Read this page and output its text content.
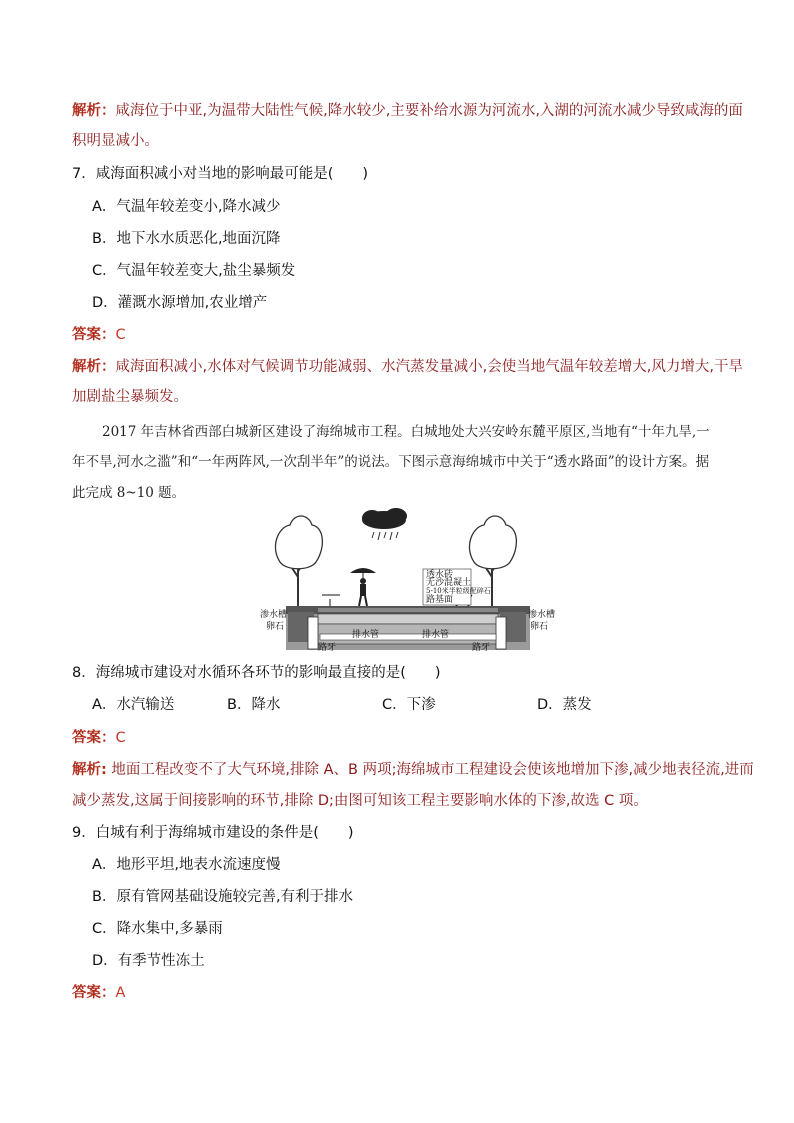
解析：咸海位于中亚,为温带大陆性气候,降水较少,主要补给水源为河流水,入湖的河流水减少导致咸海的面
积明显减小。
7．咸海面积减小对当地的影响最可能是(　　)
A．气温年较差变小,降水减少
B．地下水水质恶化,地面沉降
C．气温年较差变大,盐尘暴频发
D．灌溉水源增加,农业增产
答案：C
解析：咸海面积减小,水体对气候调节功能减弱、水汽蒸发量减小,会使当地气温年较差增大,风力增大,干旱
加剧盐尘暴频发。
2017 年吉林省西部白城新区建设了海绵城市工程。白城地处大兴安岭东麓平原区,当地有“十年九旱,一
年不旱,河水之滥”和“一年两阵风,一次刮半年”的说法。下图示意海绵城市中关于“透水路面”的设计方案。据
此完成 8~10 题。
透水砖
无沙混凝土
5-10米半粒级配碎石
路基面
渗水槽
卵石
渗水槽
卵石
排水管	排水管
路牙	路牙
8．海绵城市建设对水循环各环节的影响最直接的是(　　)
A．水汽输送	B．降水	C．下渗	D．蒸发
答案：C
解析: 地面工程改变不了大气环境,排除 A、B 两项;海绵城市工程建设会使该地增加下渗,减少地表径流,进而
减少蒸发,这属于间接影响的环节,排除 D;由图可知该工程主要影响水体的下渗,故选 C 项。
9．白城有利于海绵城市建设的条件是(　　)
A．地形平坦,地表水流速度慢
B．原有管网基础设施较完善,有利于排水
C．降水集中,多暴雨
D．有季节性冻土
答案：A
